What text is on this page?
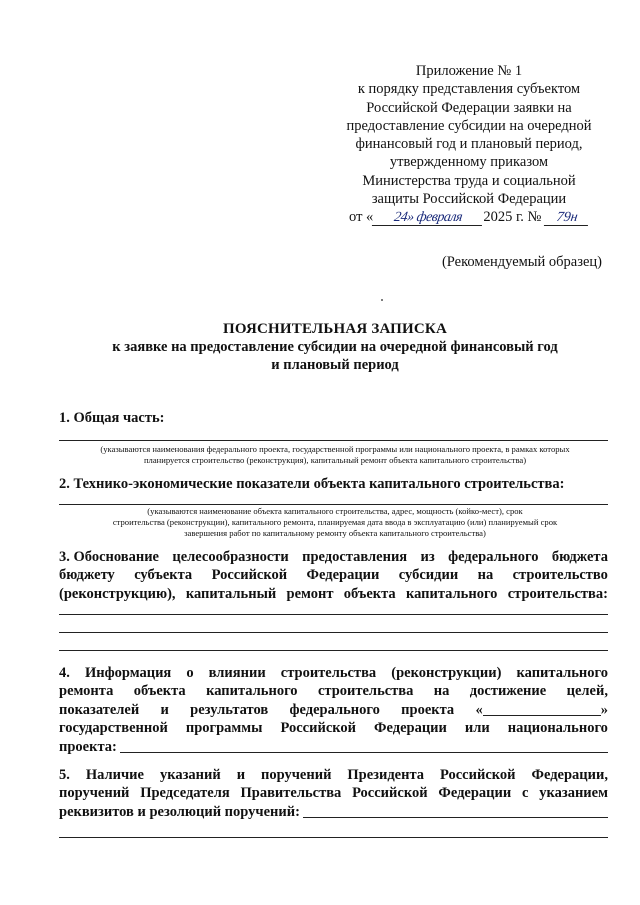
Приложение № 1
к порядку представления субъектом
Российской Федерации заявки на
предоставление субсидии на очередной
финансовый год и плановый период,
утвержденному приказом
Министерства труда и социальной
защиты Российской Федерации
от « 24» февраля 2025 г. № 79н
(Рекомендуемый образец)
ПОЯСНИТЕЛЬНАЯ ЗАПИСКА
к заявке на предоставление субсидии на очередной финансовый год
и плановый период
1. Общая часть:
(указываются наименования федерального проекта, государственной программы или национального проекта, в рамках которых
планируется строительство (реконструкция), капитальный ремонт объекта капитального строительства)
2. Технико-экономические показатели объекта капитального строительства:
(указываются наименование объекта капитального строительства, адрес, мощность (койко-мест), срок
строительства (реконструкции), капитального ремонта, планируемая дата ввода в эксплуатацию (или) планируемый срок
завершения работ по капитальному ремонту объекта капитального строительства)
3. Обоснование целесообразности предоставления из федерального бюджета
бюджету субъекта Российской Федерации субсидии на строительство
(реконструкцию), капитальный ремонт объекта капитального строительства:
4. Информация о влиянии строительства (реконструкции) капитального
ремонта объекта капитального строительства на достижение целей,
показателей и результатов федерального проекта «	»
государственной программы Российской Федерации или национального
проекта:
5. Наличие указаний и поручений Президента Российской Федерации,
поручений Председателя Правительства Российской Федерации с указанием
реквизитов и резолюций поручений:
